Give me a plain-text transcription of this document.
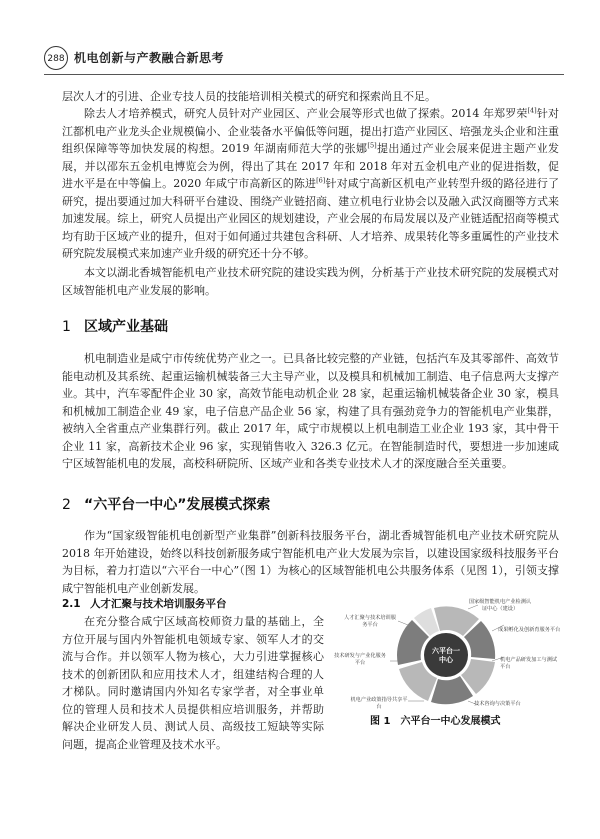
288 机电创新与产教融合新思考

层次人才的引进、企业专技人员的技能培训相关模式的研究和探索尚且不足。

除去人才培养模式，研究人员针对产业园区、产业会展等形式也做了探索。2014 年郑罗荣[4]针对江都机电产业龙头企业规模偏小、企业装备水平偏低等问题，提出打造产业园区、培强龙头企业和注重组织保障等等加快发展的构想。2019 年湖南师范大学的张娜[5]提出通过产业会展来促进主题产业发展，并以邵东五金机电博览会为例，得出了其在 2017 年和 2018 年对五金机电产业的促进指数，促进水平是在中等偏上。2020 年咸宁市高新区的陈进[6]针对咸宁高新区机电产业转型升级的路径进行了研究，提出要通过加大科研平台建设、围绕产业链招商、建立机电行业协会以及融入武汉商圈等方式来加速发展。综上，研究人员提出产业园区的规划建设，产业会展的布局发展以及产业链适配招商等模式均有助于区域产业的提升，但对于如何通过共建包含科研、人才培养、成果转化等多重属性的产业技术研究院发展模式来加速产业升级的研究还十分不够。

本文以湖北香城智能机电产业技术研究院的建设实践为例，分析基于产业技术研究院的发展模式对区域智能机电产业发展的影响。

1 区域产业基础

机电制造业是咸宁市传统优势产业之一。已具备比较完整的产业链，包括汽车及其零部件、高效节能电动机及其系统、起重运输机械装备三大主导产业，以及模具和机械加工制造、电子信息两大支撑产业。其中，汽车零配件企业 30 家，高效节能电动机企业 28 家，起重运输机械装备企业 30 家，模具和机械加工制造企业 49 家，电子信息产品企业 56 家，构建了具有强劲竞争力的智能机电产业集群，被纳入全省重点产业集群行列。截止 2017 年，咸宁市规模以上机电制造工业企业 193 家，其中骨干企业 11 家，高新技术企业 96 家，实现销售收入 326.3 亿元。在智能制造时代，要想进一步加速咸宁区域智能机电的发展，高校科研院所、区域产业和各类专业技术人才的深度融合至关重要。

2 “六平台一中心”发展模式探索

作为“国家级智能机电创新型产业集群”创新科技服务平台，湖北香城智能机电产业技术研究院从 2018 年开始建设，始终以科技创新服务咸宁智能机电产业大发展为宗旨，以建设国家级科技服务平台为目标，着力打造以“六平台一中心”（图 1）为核心的区域智能机电公共服务体系（见图 1），引领支撑咸宁智能机电产业创新发展。

2.1 人才汇聚与技术培训服务平台

在充分整合咸宁区域高校师资力量的基础上，全方位开展与国内外智能机电领域专家、领军人才的交流与合作。并以领军人物为核心，大力引进掌握核心技术的创新团队和应用技术人才，组建结构合理的人才梯队。同时邀请国内外知名专家学者，对全事业单位的管理人员和技术人员提供相应培训服务，并帮助解决企业研发人员、测试人员、高级技工短缺等实际问题，提高企业管理及技术水平。

六平台一中心
国家级智能机电产业检测认证中心（建设）
成果孵化及创新育服务平台
机电产品研发加工与测试平台
技术咨询与决策平台
机电产业政策指导共享平台
技术研发与产业化服务平台
人才汇聚与技术培训服务平台
图 1　六平台一中心发展模式
